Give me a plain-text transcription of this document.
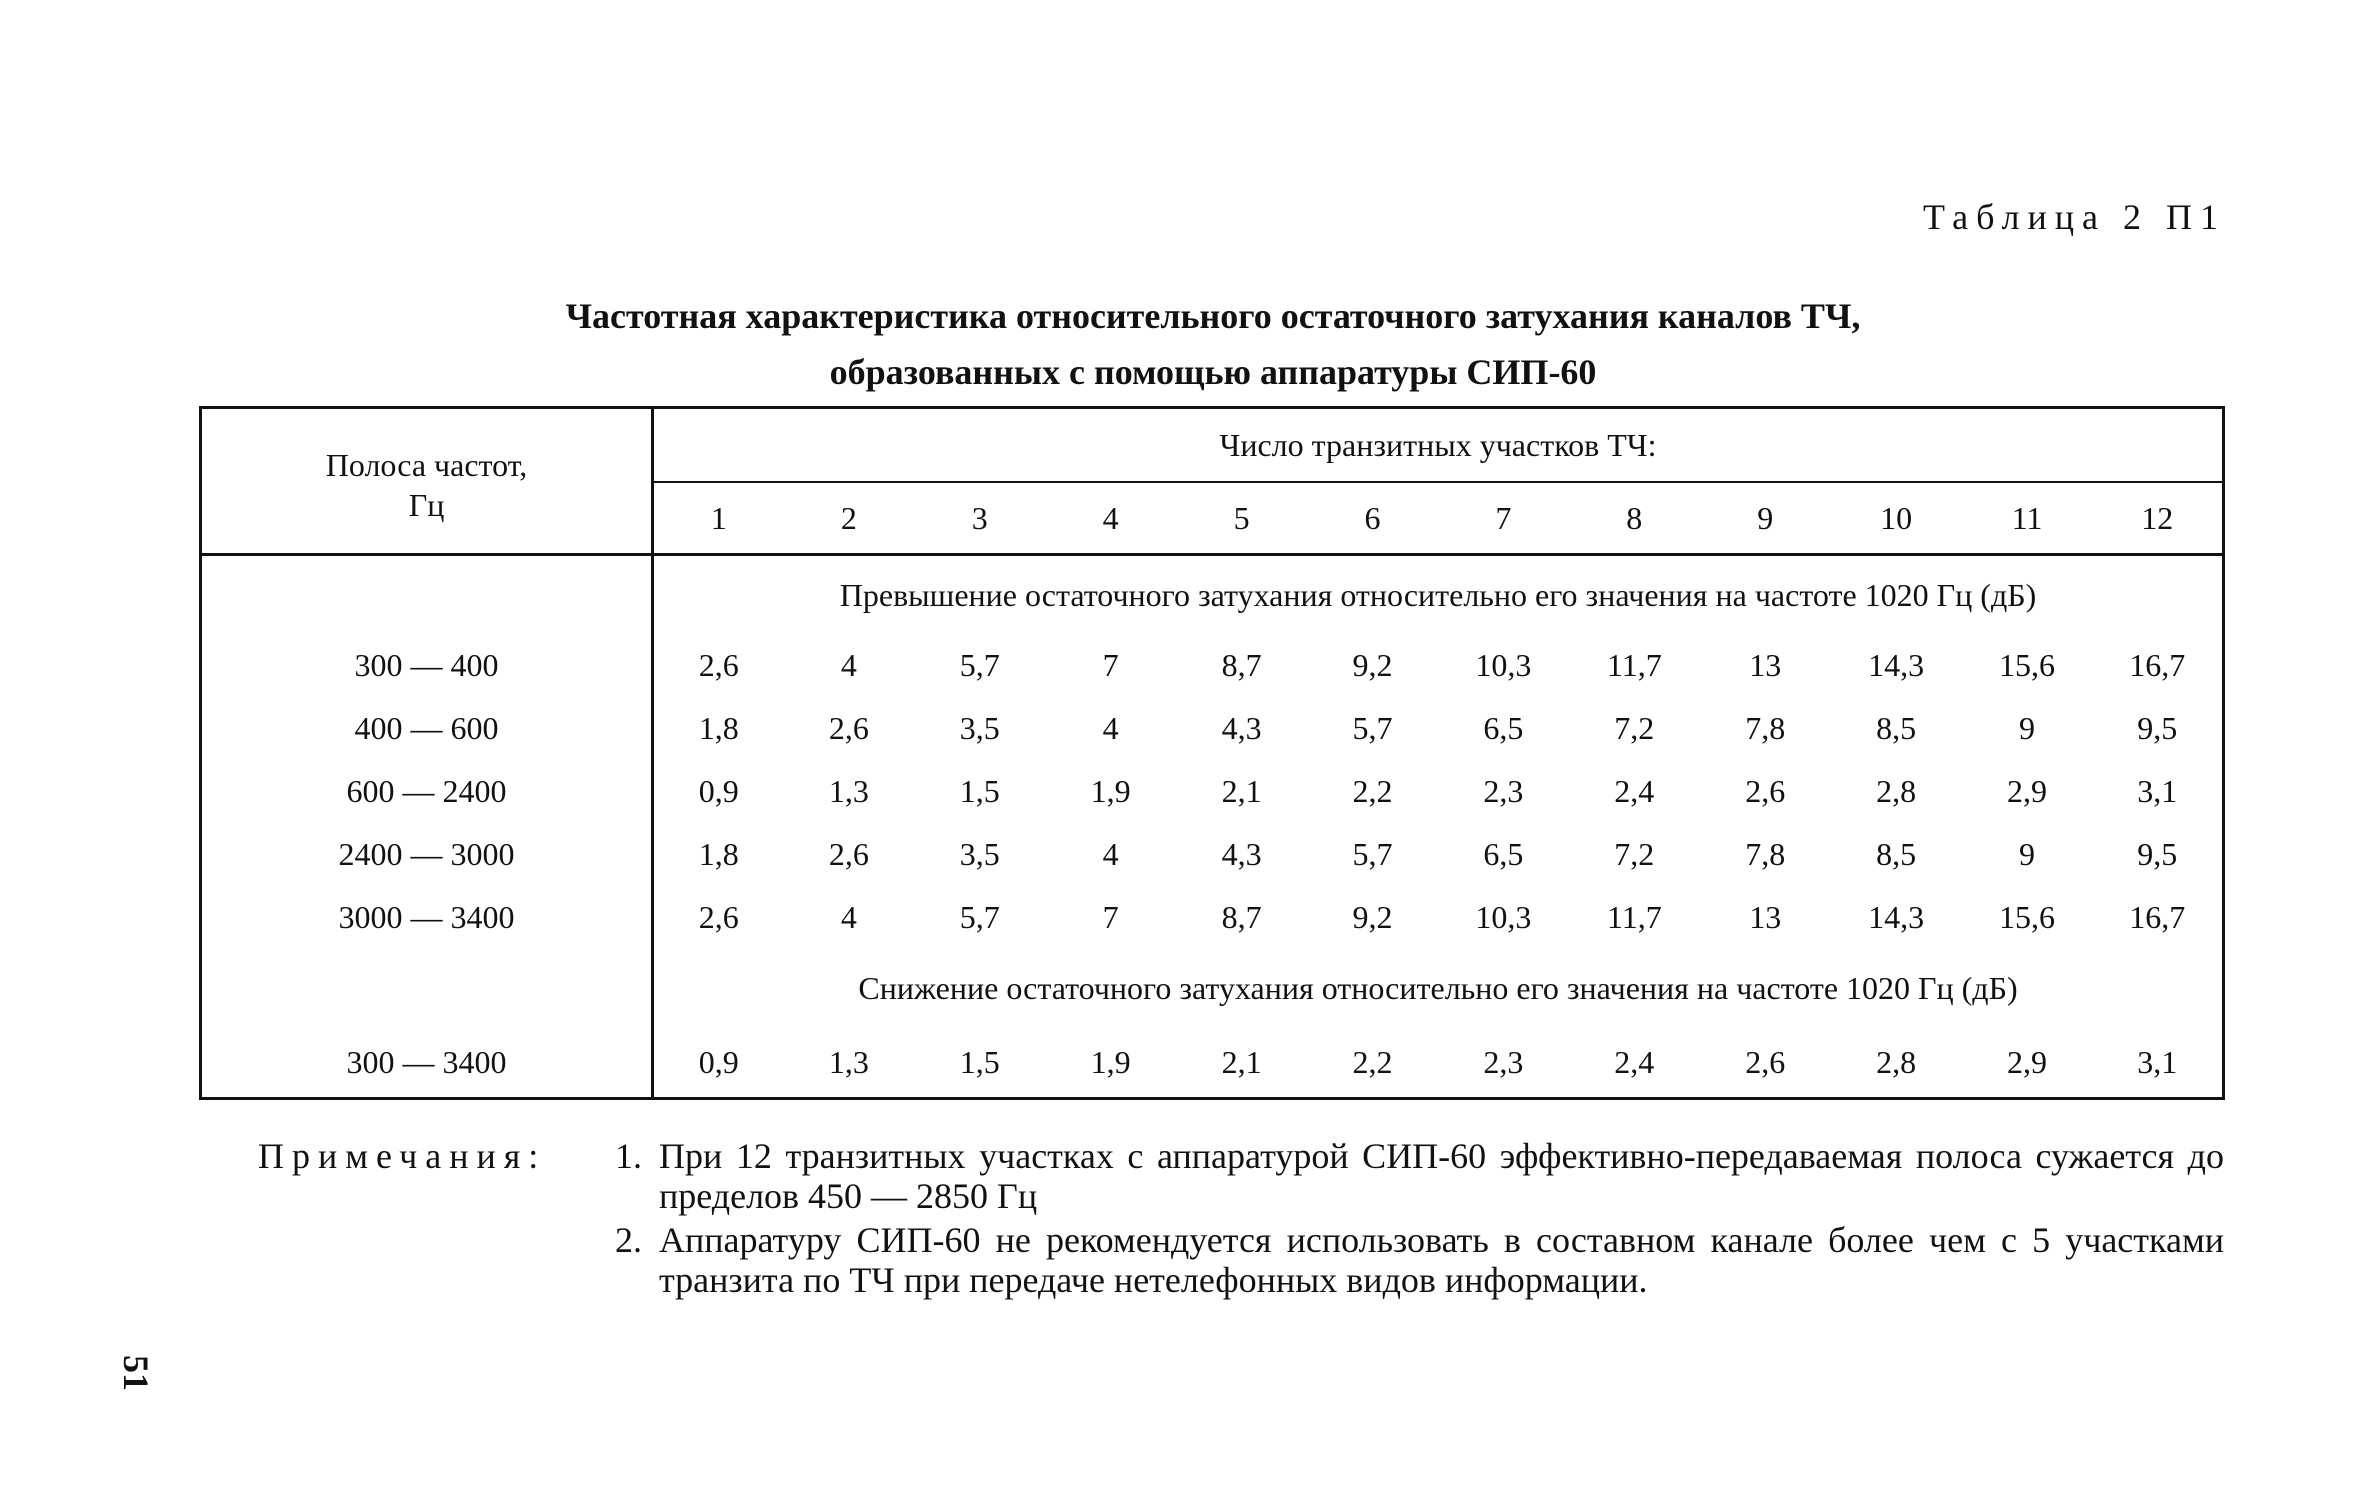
Таблица 2 П1
Частотная характеристика относительного остаточного затухания каналов ТЧ,
образованных с помощью аппаратуры СИП-60
Полоса частот,
Гц	Число транзитных участков ТЧ:											
	1	2	3	4	5	6	7	8	9	10	11	12
	Превышение остаточного затухания относительно его значения на частоте 1020 Гц (дБ)											
300 — 400	2,6	4	5,7	7	8,7	9,2	10,3	11,7	13	14,3	15,6	16,7
400 — 600	1,8	2,6	3,5	4	4,3	5,7	6,5	7,2	7,8	8,5	9	9,5
600 — 2400	0,9	1,3	1,5	1,9	2,1	2,2	2,3	2,4	2,6	2,8	2,9	3,1
2400 — 3000	1,8	2,6	3,5	4	4,3	5,7	6,5	7,2	7,8	8,5	9	9,5
3000 — 3400	2,6	4	5,7	7	8,7	9,2	10,3	11,7	13	14,3	15,6	16,7
	Снижение остаточного затухания относительно его значения на частоте 1020 Гц (дБ)											
300 — 3400	0,9	1,3	1,5	1,9	2,1	2,2	2,3	2,4	2,6	2,8	2,9	3,1
Примечания: 1. При 12 транзитных участках с аппаратурой СИП-60 эффективно-передаваемая полоса сужается до пределов 450 — 2850 Гц
2. Аппаратуру СИП-60 не рекомендуется использовать в составном канале более чем с 5 участками транзита по ТЧ при передаче нетелефонных видов информации.
51
